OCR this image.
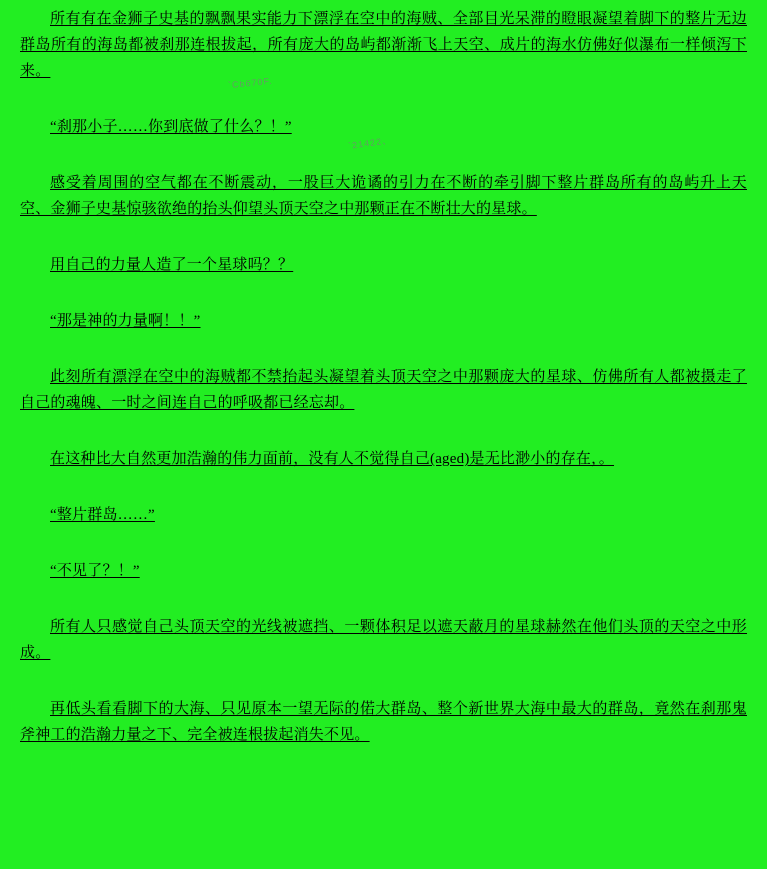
所有有在金狮子史基的飘飘果实能力下漂浮在空中的海贼、全部目光呆滞的瞪眼凝望着脚下的整片无边群岛所有的海岛都被刹那连根拔起，所有庞大的岛屿都渐渐飞上天空、成片的海水仿佛好似瀑布一样倾泻下来。

“刹那小子……你到底做了什么？！”

感受着周围的空气都在不断震动，一股巨大诡谲的引力在不断的牵引脚下整片群岛所有的岛屿升上天空、金狮子史基惊骇欲绝的抬头仰望头顶天空之中那颗正在不断壮大的星球。

用自己的力量人造了一个星球吗？？

“那是神的力量啊！！”

此刻所有漂浮在空中的海贼都不禁抬起头凝望着头顶天空之中那颗庞大的星球、仿佛所有人都被摄走了自己的魂魄、一时之间连自己的呼吸都已经忘却。

在这种比大自然更加浩瀚的伟力面前，没有人不觉得自己(aged)是无比渺小的存在，。

“整片群岛……”

“不见了？！”

所有人只感觉自己头顶天空的光线被遮挡、一颗体积足以遮天蔽月的星球赫然在他们头顶的天空之中形成。

再低头看看脚下的大海、只见原本一望无际的偌大群岛、整个新世界大海中最大的群岛，竟然在刹那鬼斧神工的浩瀚力量之下、完全被连根拔起消失不见。

`Cb670F.
`21422、
